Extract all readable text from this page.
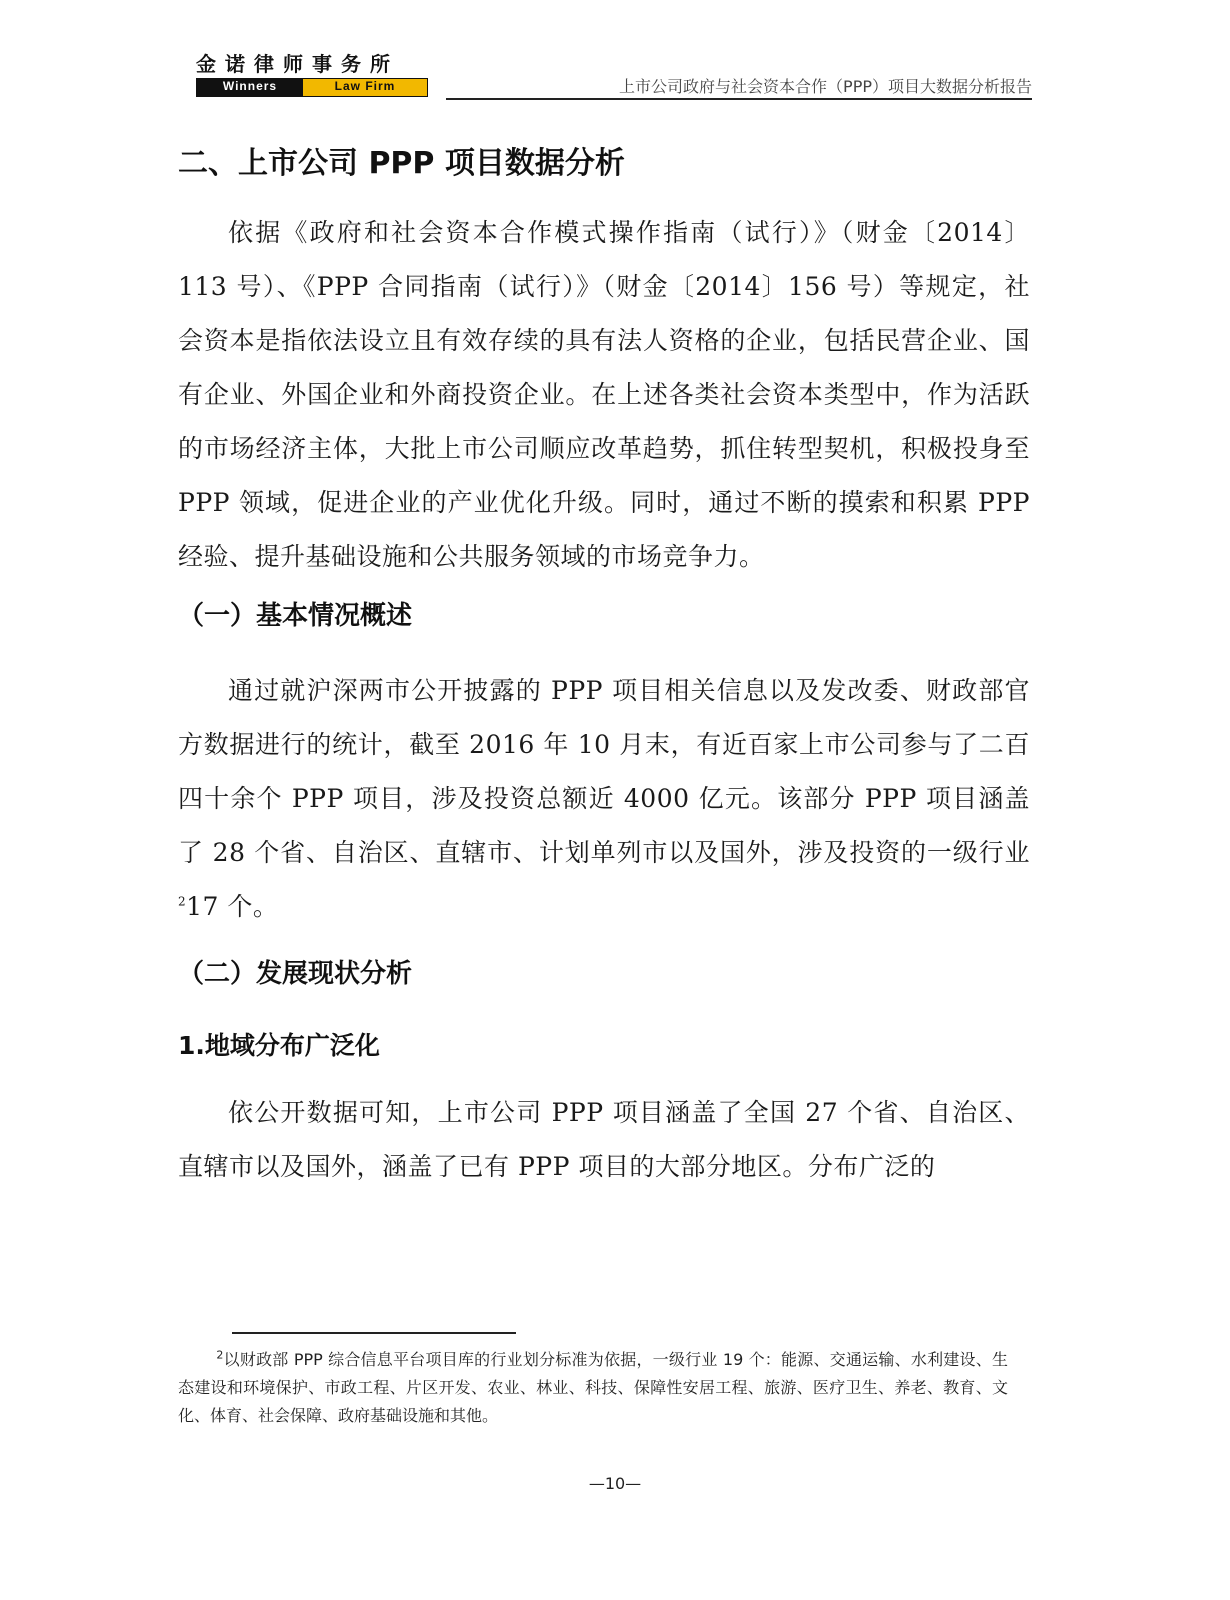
金诺律师事务所
Winners	Law Firm	上市公司政府与社会资本合作（PPP）项目大数据分析报告
二、上市公司 PPP 项目数据分析

依据《政府和社会资本合作模式操作指南（试行）》（财金〔2014〕113 号）、《PPP 合同指南（试行）》（财金〔2014〕156 号）等规定，社会资本是指依法设立且有效存续的具有法人资格的企业，包括民营企业、国有企业、外国企业和外商投资企业。在上述各类社会资本类型中，作为活跃的市场经济主体，大批上市公司顺应改革趋势，抓住转型契机，积极投身至 PPP 领域，促进企业的产业优化升级。同时，通过不断的摸索和积累 PPP 经验、提升基础设施和公共服务领域的市场竞争力。

（一）基本情况概述

通过就沪深两市公开披露的 PPP 项目相关信息以及发改委、财政部官方数据进行的统计，截至 2016 年 10 月末，有近百家上市公司参与了二百四十余个 PPP 项目，涉及投资总额近 4000 亿元。该部分 PPP 项目涵盖了 28 个省、自治区、直辖市、计划单列市以及国外，涉及投资的一级行业$^2$17 个。

（二）发展现状分析
1.地域分布广泛化

依公开数据可知，上市公司 PPP 项目涵盖了全国 27 个省、自治区、直辖市以及国外，涵盖了已有 PPP 项目的大部分地区。分布广泛的

$^2$以财政部 PPP 综合信息平台项目库的行业划分标准为依据，一级行业 19 个：能源、交通运输、水利建设、生态建设和环境保护、市政工程、片区开发、农业、林业、科技、保障性安居工程、旅游、医疗卫生、养老、教育、文化、体育、社会保障、政府基础设施和其他。
—10—
